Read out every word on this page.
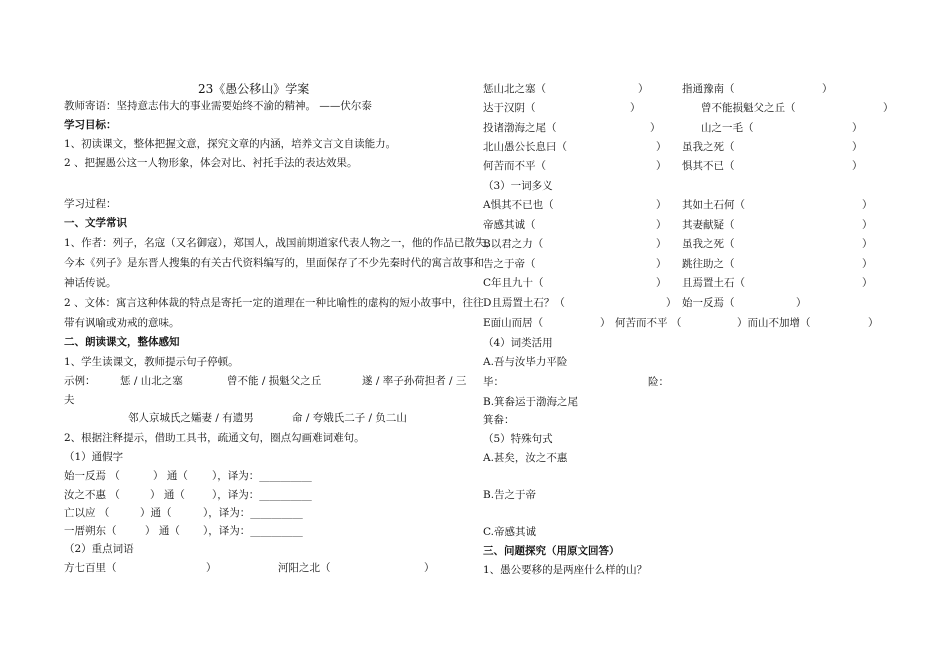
23《愚公移山》学案
教师寄语：坚持意志伟大的事业需要始终不渝的精神。 ——伏尔泰
学习目标：
1、初读课文，整体把握文意，探究文章的内涵，培养文言文自读能力。
2 、把握愚公这一人物形象，体会对比、衬托手法的表达效果。
学习过程：
一、文学常识
1、作者：列子，名寇（又名御寇），郑国人，战国前期道家代表人物之一，他的作品已散失，
今本《列子》是东晋人搜集的有关古代资料编写的，里面保存了不少先秦时代的寓言故事和
神话传说。
2 、文体：寓言这种体裁的特点是寄托一定的道理在一种比喻性的虚构的短小故事中，往往
带有讽喻或劝戒的意味。
二、朗读课文，整体感知
1、学生读课文，教师提示句子停顿。
示例： 惩 / 山北之塞	曾不能 / 损魁父之丘	遂 / 率子孙荷担者 / 三
夫
邻人京城氏之孀妻 / 有遗男	命 / 夸娥氏二子 / 负二山
2、根据注释提示，借助工具书，疏通文句，圈点勾画难词难句。
（1）通假字
始一反焉 （	） 通（ ），译为：__________
汝之不惠 （	） 通（	），译为：__________
亡以应 （	）通（	），译为：__________
一厝朔东（	） 通（ ），译为：__________
（2）重点词语
方七百里（	）	河阳之北（	）
惩山北之塞（	）	指通豫南（	）
达于汉阴（	）	曾不能损魁父之丘（	）
投诸渤海之尾（	）	山之一毛（	）
北山愚公长息曰（	） 虽我之死（	）
何苦而不平（	） 惧其不已（	）
（3）一词多义
A惧其不已也（	） 其如土石何（	）
帝感其诚（	） 其妻献疑（	）
B以君之力（	） 虽我之死（	）
告之于帝（	） 跳往助之（	）
C年且九十（	） 且焉置土石（	）
D且焉置土石？（	） 始一反焉（	）
E面山而居（	） 何苦而不平 （	）而山不加增（	）
（4）词类活用
A.吾与汝毕力平险
毕：	险：
B.箕畚运于渤海之尾
箕畚：
（5）特殊句式
A.甚矣，汝之不惠
B.告之于帝
C.帝感其诚
三、问题探究（用原文回答）
1、愚公要移的是两座什么样的山？
